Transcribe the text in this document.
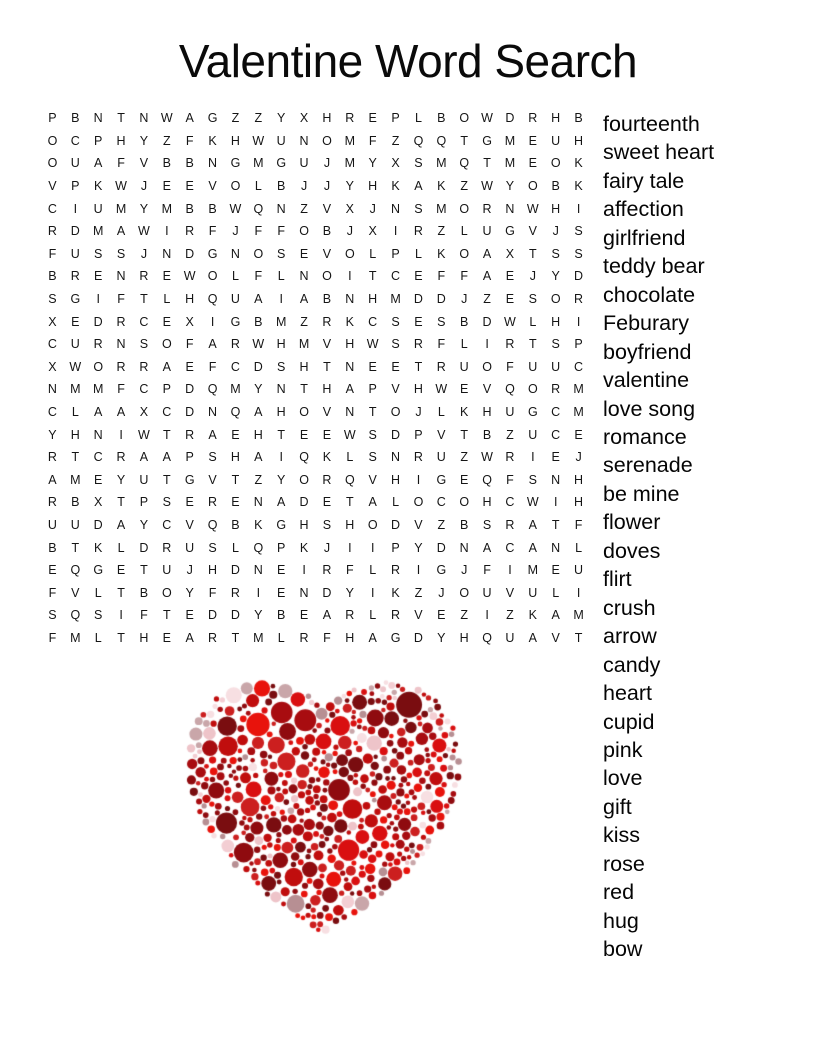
Valentine Word Search
P	B	N	T	N W	A	G	Z	Z	Y	X	H	R	E	P	L	B	O W D	R	H	B
O	C	P	H	Y	Z	F	K	H W U	N	O	M	F	Z	Q	Q	T	G	M	E	U	H
O	U	A	F	V	B	B	N	G	M	G	U	J	M	Y	X	S	M	Q	T	M	E	O	K
V	P	K	W	J	E	E	V	O	L	B	J	J	Y	H	K	A	K	Z	W	Y	O	B	K
C	I	U	M	Y	M	B	B	W Q	N	Z	V	X	J	N	S	M	O	R	N W H	I
R	D	M	A	W	I	R	F	J	F	F	O	B	J	X	I	R	Z	L	U	G	V	J	S
F	U	S	S	J	N	D	G	N	O	S	E	V	O	L	P	L	K	O	A	X	T	S	S
B	R	E	N	R	E	W O	L	F	L	N	O	I	T	C	E	F	F	A	E	J	Y	D
S	G	I	F	T	L	H	Q	U	A	I	A	B	N	H	M	D	D	J	Z	E	S	O	R
X	E	D	R	C	E	X	I	G	B	M	Z	R	K	C	S	E	S	B	D W	L	H	I
C	U	R	N	S	O	F	A	R W H	M	V	H W	S	R	F	L	I	R	T	S	P
X	W O	R	R	A	E	F	C	D	S	H	T	N	E	E	T	R	U	O	F	U	U	C
N	M M	F	C	P	D	Q	M	Y	N	T	H	A	P	V	H W	E	V	Q	O	R	M
C	L	A	A	X	C	D	N	Q	A	H	O	V	N	T	O	J	L	K	H	U	G	C	M
Y	H	N	I	W	T	R	A	E	H	T	E	E	W	S	D	P	V	T	B	Z	U	C	E
R	T	C	R	A	A	P	S	H	A	I	Q	K	L	S	N	R	U	Z	W R	I	E	J
A	M	E	Y	U	T	G	V	T	Z	Y	O	R	Q	V	H	I	G	E	Q	F	S	N	H
R	B	X	T	P	S	E	R	E	N	A	D	E	T	A	L	O	C	O	H	C W	I	H
U	U	D	A	Y	C	V	Q	B	K	G	H	S	H	O	D	V	Z	B	S	R	A	T	F
B	T	K	L	D	R	U	S	L	Q	P	K	J	I	I	P	Y	D	N	A	C	A	N	L
E	Q	G	E	T	U	J	H	D	N	E	I	R	F	L	R	I	G	J	F	I	M	E	U
F	V	L	T	B	O	Y	F	R	I	E	N	D	Y	I	K	Z	J	O	U	V	U	L	I
S	Q	S	I	F	T	E	D	D	Y	B	E	A	R	L	R	V	E	Z	I	Z	K	A	M
F	M	L	T	H	E	A	R	T	M	L	R	F	H	A	G	D	Y	H	Q	U	A	V	T
fourteenth
sweet heart
fairy tale
affection
girlfriend
teddy bear
chocolate
Feburary
boyfriend
valentine
love song
romance
serenade
be mine
flower
doves
flirt
crush
arrow
candy
heart
cupid
pink
love
gift
kiss
rose
red
hug
bow
